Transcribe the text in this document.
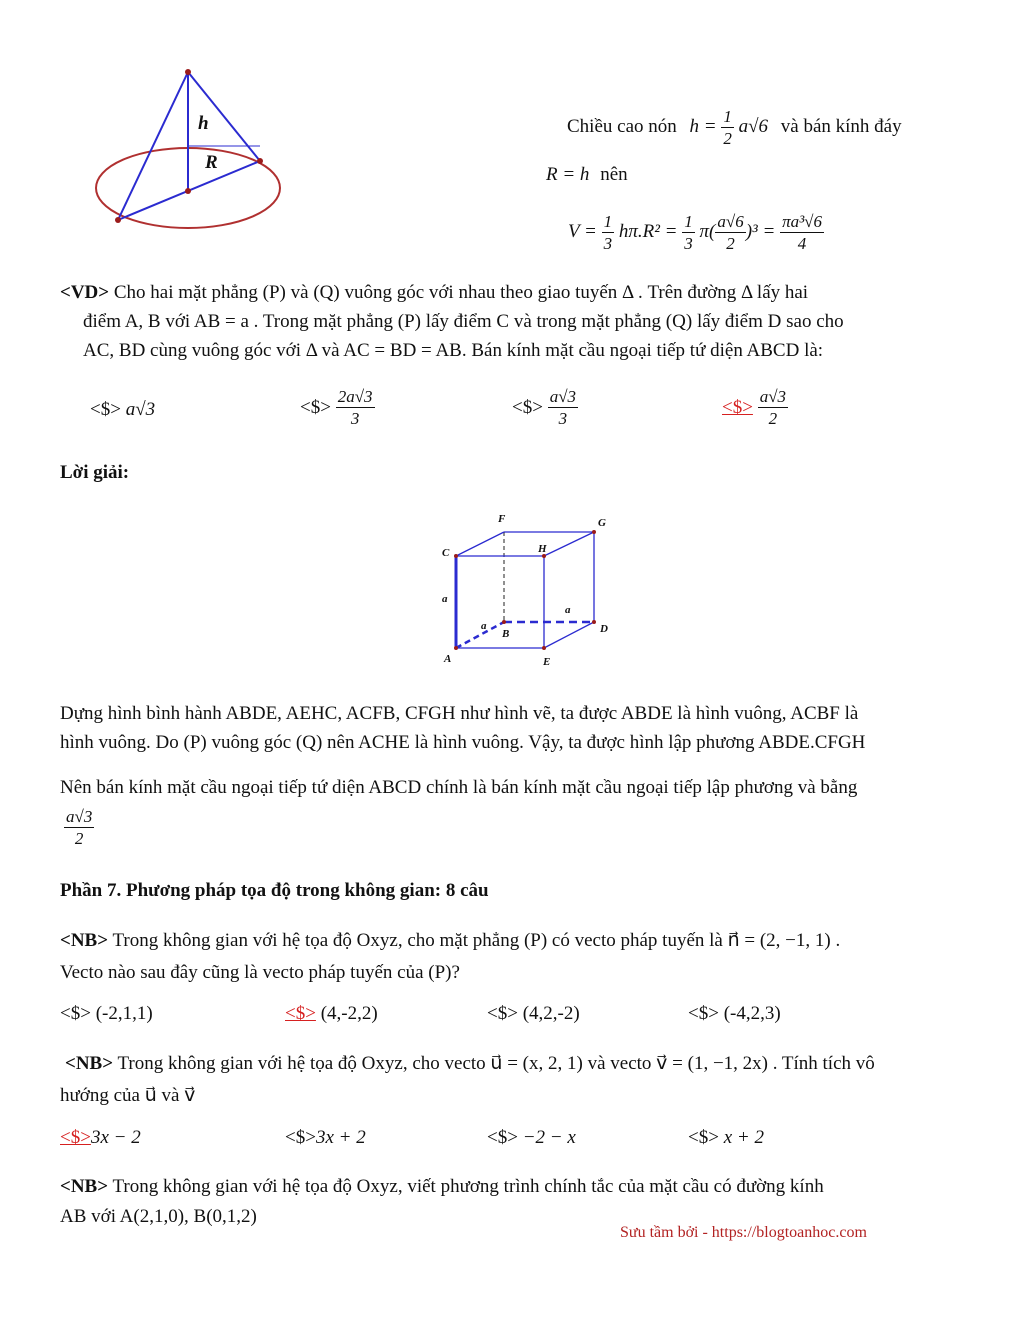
h
R
Chiều cao nón $h = \frac{1}{2} a√6$ và bán kính đáy
R = h nên
$V = \frac{1}{3} h\pi.R^2 = \frac{1}{3} \pi( \frac{a√6}{2} )^3 = \frac{\text{πa³√6}}{4}$
<VD> Cho hai mặt phẳng (P) và (Q) vuông góc với nhau theo giao tuyến Δ . Trên đường Δ lấy hai
điểm A, B với AB = a . Trong mặt phẳng (P) lấy điểm C và trong mặt phẳng (Q) lấy điểm D sao cho
AC, BD cùng vuông góc với Δ và AC = BD = AB. Bán kính mặt cầu ngoại tiếp tứ diện ABCD là:
<$> a√3	<$> $\frac{2a√3}{3}$	<$> $\frac{a√3}{3}$	<$> $\frac{a√3}{2}$
Lời giải:
F	G
C	H
a
a
a
B	D
A	E
Dựng hình bình hành ABDE, AEHC, ACFB, CFGH như hình vẽ, ta được ABDE là hình vuông, ACBF là
hình vuông. Do (P) vuông góc (Q) nên ACHE là hình vuông. Vậy, ta được hình lập phương ABDE.CFGH
Nên bán kính mặt cầu ngoại tiếp tứ diện ABCD chính là bán kính mặt cầu ngoại tiếp lập phương và bằng
$\frac{a√3}{2}$
Phần 7. Phương pháp tọa độ trong không gian: 8 câu
<NB> Trong không gian với hệ tọa độ Oxyz, cho mặt phẳng (P) có vecto pháp tuyến là n⃗ = (2, −1, 1) .
Vecto nào sau đây cũng là vecto pháp tuyến của (P)?
<$> (-2,1,1)	<$> (4,-2,2)	<$> (4,2,-2)	<$> (-4,2,3)
<NB> Trong không gian với hệ tọa độ Oxyz, cho vecto u⃗ = (x, 2, 1) và vecto v⃗ = (1, −1, 2x) . Tính tích vô
hướng của u⃗ và v⃗
<$>3x − 2	<$>3x + 2	<$> −2 − x	<$> x + 2
<NB> Trong không gian với hệ tọa độ Oxyz, viết phương trình chính tắc của mặt cầu có đường kính
AB với A(2,1,0), B(0,1,2)
Sưu tầm bởi - https://blogtoanhoc.com
